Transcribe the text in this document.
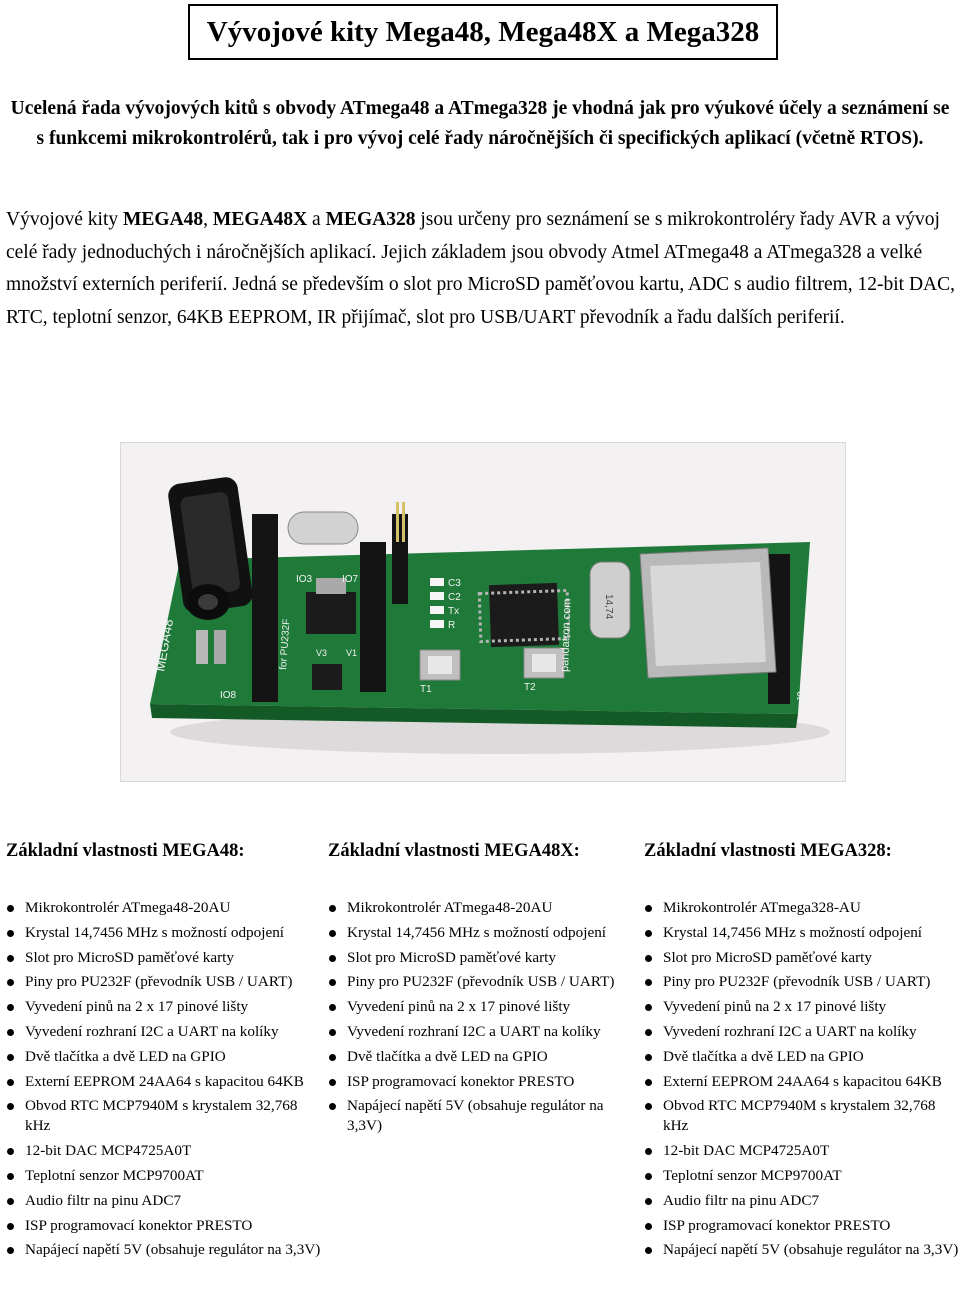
Vývojové kity Mega48, Mega48X a Mega328
Ucelená řada vývojových kitů s obvody ATmega48 a ATmega328 je vhodná jak pro výukové účely a seznámení se s funkcemi mikrokontrolérů, tak i pro vývoj celé řady náročnějších či specifických aplikací (včetně RTOS).
Vývojové kity MEGA48, MEGA48X a MEGA328 jsou určeny pro seznámení se s mikrokontroléry řady AVR a vývoj celé řady jednoduchých i náročnějších aplikací. Jejich základem jsou obvody Atmel ATmega48 a ATmega328 a velké množství externích periferií. Jedná se především o slot pro MicroSD paměťovou kartu, ADC s audio filtrem, 12-bit DAC, RTC, teplotní senzor, 64KB EEPROM, IR přijímač, slot pro USB/UART převodník a řadu dalších periferií.
MEGA48	pandatron.com	14,74
IO3	IO7
IO8
for PU232F
C3
C2
Tx
R
T1	T2
V3 V1
J2
Základní vlastnosti MEGA48:	Základní vlastnosti MEGA48X:	Základní vlastnosti MEGA328:
Mikrokontrolér ATmega48-20AU
Krystal 14,7456 MHz s možností odpojení
Slot pro MicroSD paměťové karty
Piny pro PU232F (převodník USB / UART)
Vyvedení pinů na 2 x 17 pinové lišty
Vyvedení rozhraní I2C a UART na kolíky
Dvě tlačítka a dvě LED na GPIO
Externí EEPROM 24AA64 s kapacitou 64KB
Obvod RTC MCP7940M s krystalem 32,768 kHz
12-bit DAC MCP4725A0T
Teplotní senzor MCP9700AT
Audio filtr na pinu ADC7
ISP programovací konektor PRESTO
Napájecí napětí 5V (obsahuje regulátor na 3,3V)
Mikrokontrolér ATmega48-20AU
Krystal 14,7456 MHz s možností odpojení
Slot pro MicroSD paměťové karty
Piny pro PU232F (převodník USB / UART)
Vyvedení pinů na 2 x 17 pinové lišty
Vyvedení rozhraní I2C a UART na kolíky
Dvě tlačítka a dvě LED na GPIO
ISP programovací konektor PRESTO
Napájecí napětí 5V (obsahuje regulátor na 3,3V)
Mikrokontrolér ATmega328-AU
Krystal 14,7456 MHz s možností odpojení
Slot pro MicroSD paměťové karty
Piny pro PU232F (převodník USB / UART)
Vyvedení pinů na 2 x 17 pinové lišty
Vyvedení rozhraní I2C a UART na kolíky
Dvě tlačítka a dvě LED na GPIO
Externí EEPROM 24AA64 s kapacitou 64KB
Obvod RTC MCP7940M s krystalem 32,768 kHz
12-bit DAC MCP4725A0T
Teplotní senzor MCP9700AT
Audio filtr na pinu ADC7
ISP programovací konektor PRESTO
Napájecí napětí 5V (obsahuje regulátor na 3,3V)
